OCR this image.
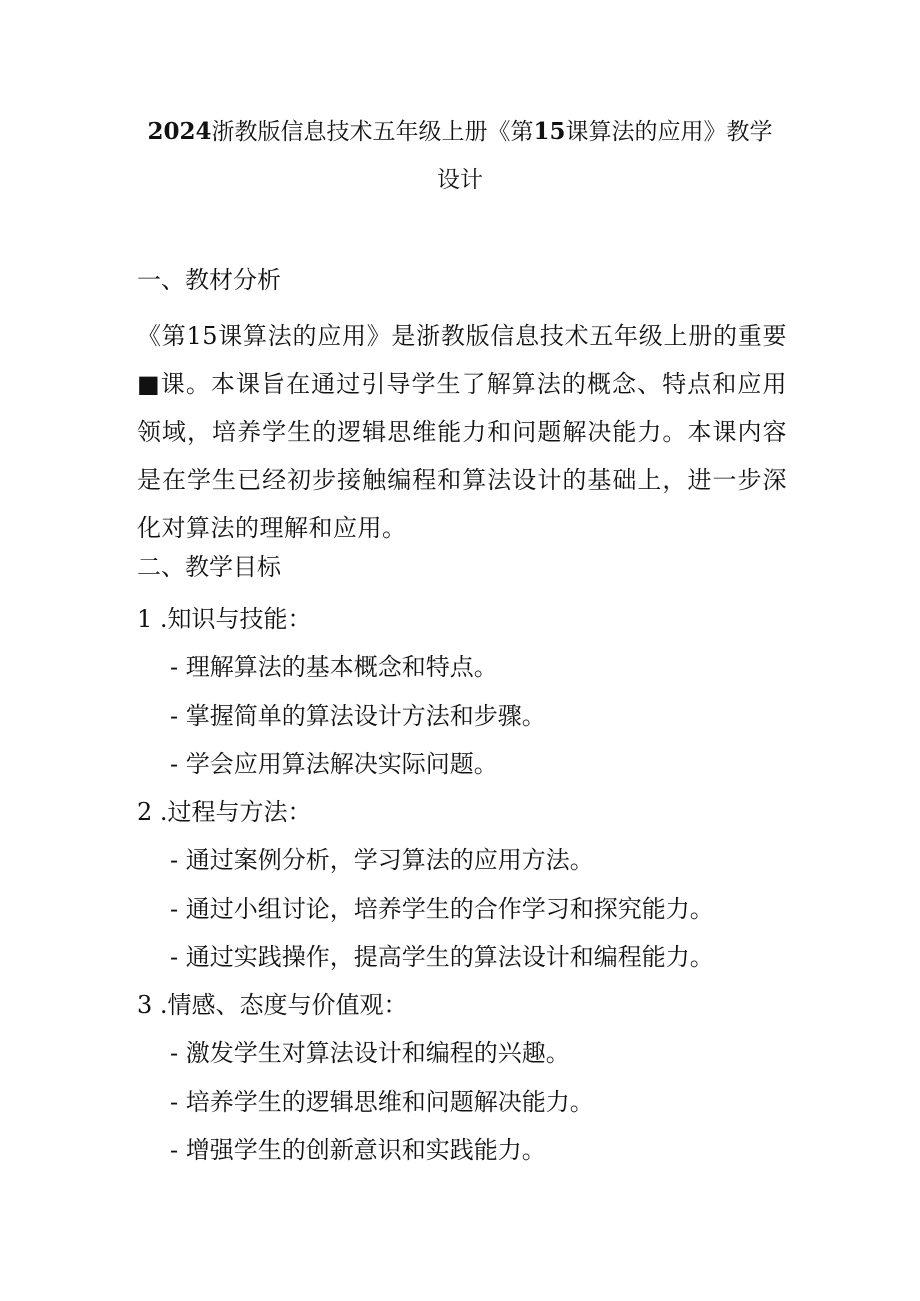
2024浙教版信息技术五年级上册《第15课算法的应用》教学设计
一、教材分析
《第15课算法的应用》是浙教版信息技术五年级上册的重要■课。本课旨在通过引导学生了解算法的概念、特点和应用领域，培养学生的逻辑思维能力和问题解决能力。本课内容是在学生已经初步接触编程和算法设计的基础上，进一步深化对算法的理解和应用。
二、教学目标
1 .知识与技能：
- 理解算法的基本概念和特点。
- 掌握简单的算法设计方法和步骤。
- 学会应用算法解决实际问题。
2 .过程与方法：
- 通过案例分析，学习算法的应用方法。
- 通过小组讨论，培养学生的合作学习和探究能力。
- 通过实践操作，提高学生的算法设计和编程能力。
3 .情感、态度与价值观：
- 激发学生对算法设计和编程的兴趣。
- 培养学生的逻辑思维和问题解决能力。
- 增强学生的创新意识和实践能力。
